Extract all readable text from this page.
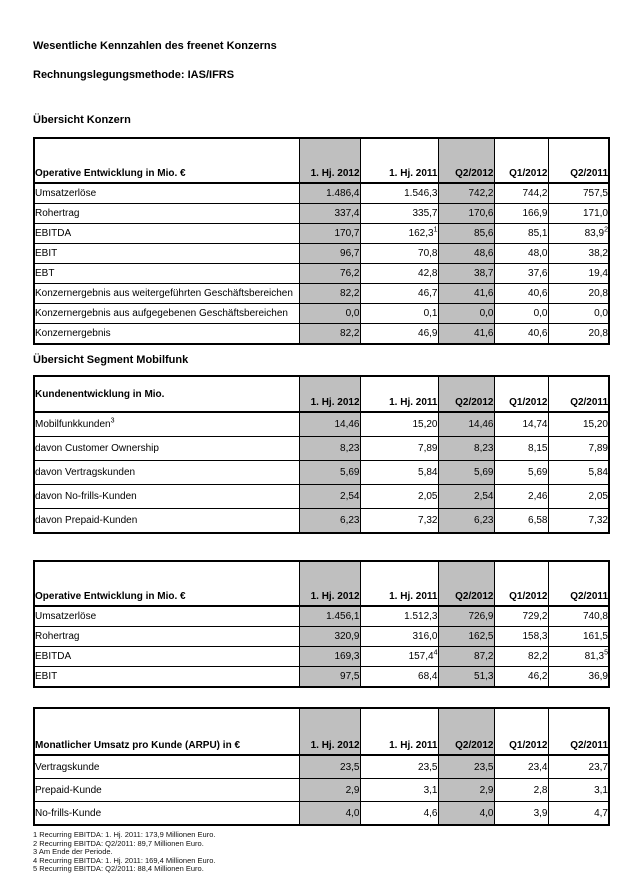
Wesentliche Kennzahlen des freenet Konzerns
Rechnungslegungsmethode: IAS/IFRS
Übersicht Konzern
Operative Entwicklung in Mio. €	1. Hj. 2012	1. Hj. 2011	Q2/2012	Q1/2012	Q2/2011
Umsatzerlöse	1.486,4	1.546,3	742,2	744,2	757,5
Rohertrag	337,4	335,7	170,6	166,9	171,0
EBITDA	170,7	162,3$^1$	85,6	85,1	83,9$^2$
EBIT	96,7	70,8	48,6	48,0	38,2
EBT	76,2	42,8	38,7	37,6	19,4
Konzernergebnis aus weitergeführten Geschäftsbereichen	82,2	46,7	41,6	40,6	20,8
Konzernergebnis aus aufgegebenen Geschäftsbereichen	0,0	0,1	0,0	0,0	0,0
Konzernergebnis	82,2	46,9	41,6	40,6	20,8
Übersicht Segment Mobilfunk
Kundenentwicklung in Mio.	1. Hj. 2012	1. Hj. 2011	Q2/2012	Q1/2012	Q2/2011
Mobilfunkkunden$^3$	14,46	15,20	14,46	14,74	15,20
davon Customer Ownership	8,23	7,89	8,23	8,15	7,89
davon Vertragskunden	5,69	5,84	5,69	5,69	5,84
davon No-frills-Kunden	2,54	2,05	2,54	2,46	2,05
davon Prepaid-Kunden	6,23	7,32	6,23	6,58	7,32
Operative Entwicklung in Mio. €	1. Hj. 2012	1. Hj. 2011	Q2/2012	Q1/2012	Q2/2011
Umsatzerlöse	1.456,1	1.512,3	726,9	729,2	740,8
Rohertrag	320,9	316,0	162,5	158,3	161,5
EBITDA	169,3	157,4$^4$	87,2	82,2	81,3$^5$
EBIT	97,5	68,4	51,3	46,2	36,9
Monatlicher Umsatz pro Kunde (ARPU) in €	1. Hj. 2012	1. Hj. 2011	Q2/2012	Q1/2012	Q2/2011
Vertragskunde	23,5	23,5	23,5	23,4	23,7
Prepaid-Kunde	2,9	3,1	2,9	2,8	3,1
No-frills-Kunde	4,0	4,6	4,0	3,9	4,7
1 Recurring EBITDA: 1. Hj. 2011: 173,9 Millionen Euro.
2 Recurring EBITDA: Q2/2011: 89,7 Millionen Euro.
3 Am Ende der Periode.
4 Recurring EBITDA: 1. Hj. 2011: 169,4 Millionen Euro.
5 Recurring EBITDA: Q2/2011: 88,4 Millionen Euro.
